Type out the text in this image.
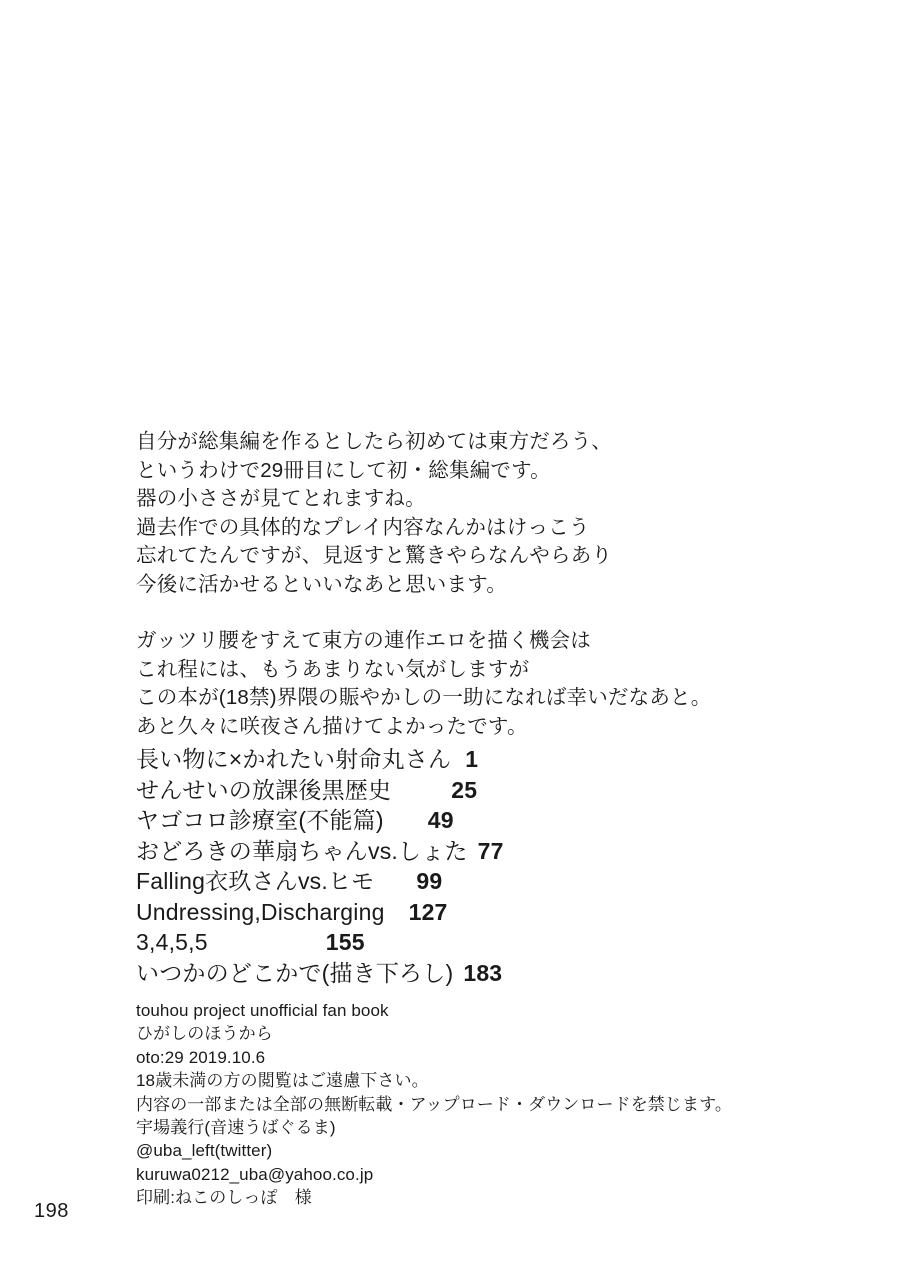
自分が総集編を作るとしたら初めては東方だろう、

というわけで29冊目にして初・総集編です。

器の小ささが見てとれますね。

過去作での具体的なプレイ内容なんかはけっこう

忘れてたんですが、見返すと驚きやらなんやらあり

今後に活かせるといいなあと思います。

ガッツリ腰をすえて東方の連作エロを描く機会は

これ程には、もうあまりない気がしますが

この本が(18禁)界隈の賑やかしの一助になれば幸いだなあと。

あと久々に咲夜さん描けてよかったです。

長い物に×かれたい射命丸さん 1
せんせいの放課後黒歴史	25
ヤゴコロ診療室(不能篇) 49
おどろきの華扇ちゃんvs.しょた 77
Falling衣玖さんvs.ヒモ 99
Undressing,Discharging 127
3,4,5,5	155
いつかのどこかで(描き下ろし) 183
touhou project unofficial fan book
ひがしのほうから
oto:29 2019.10.6
18歳未満の方の閲覧はご遠慮下さい。
内容の一部または全部の無断転載・アップロード・ダウンロードを禁じます。
宇場義行(音速うばぐるま)
@uba_left(twitter)
kuruwa0212_uba@yahoo.co.jp
印刷:ねこのしっぽ　様
198
